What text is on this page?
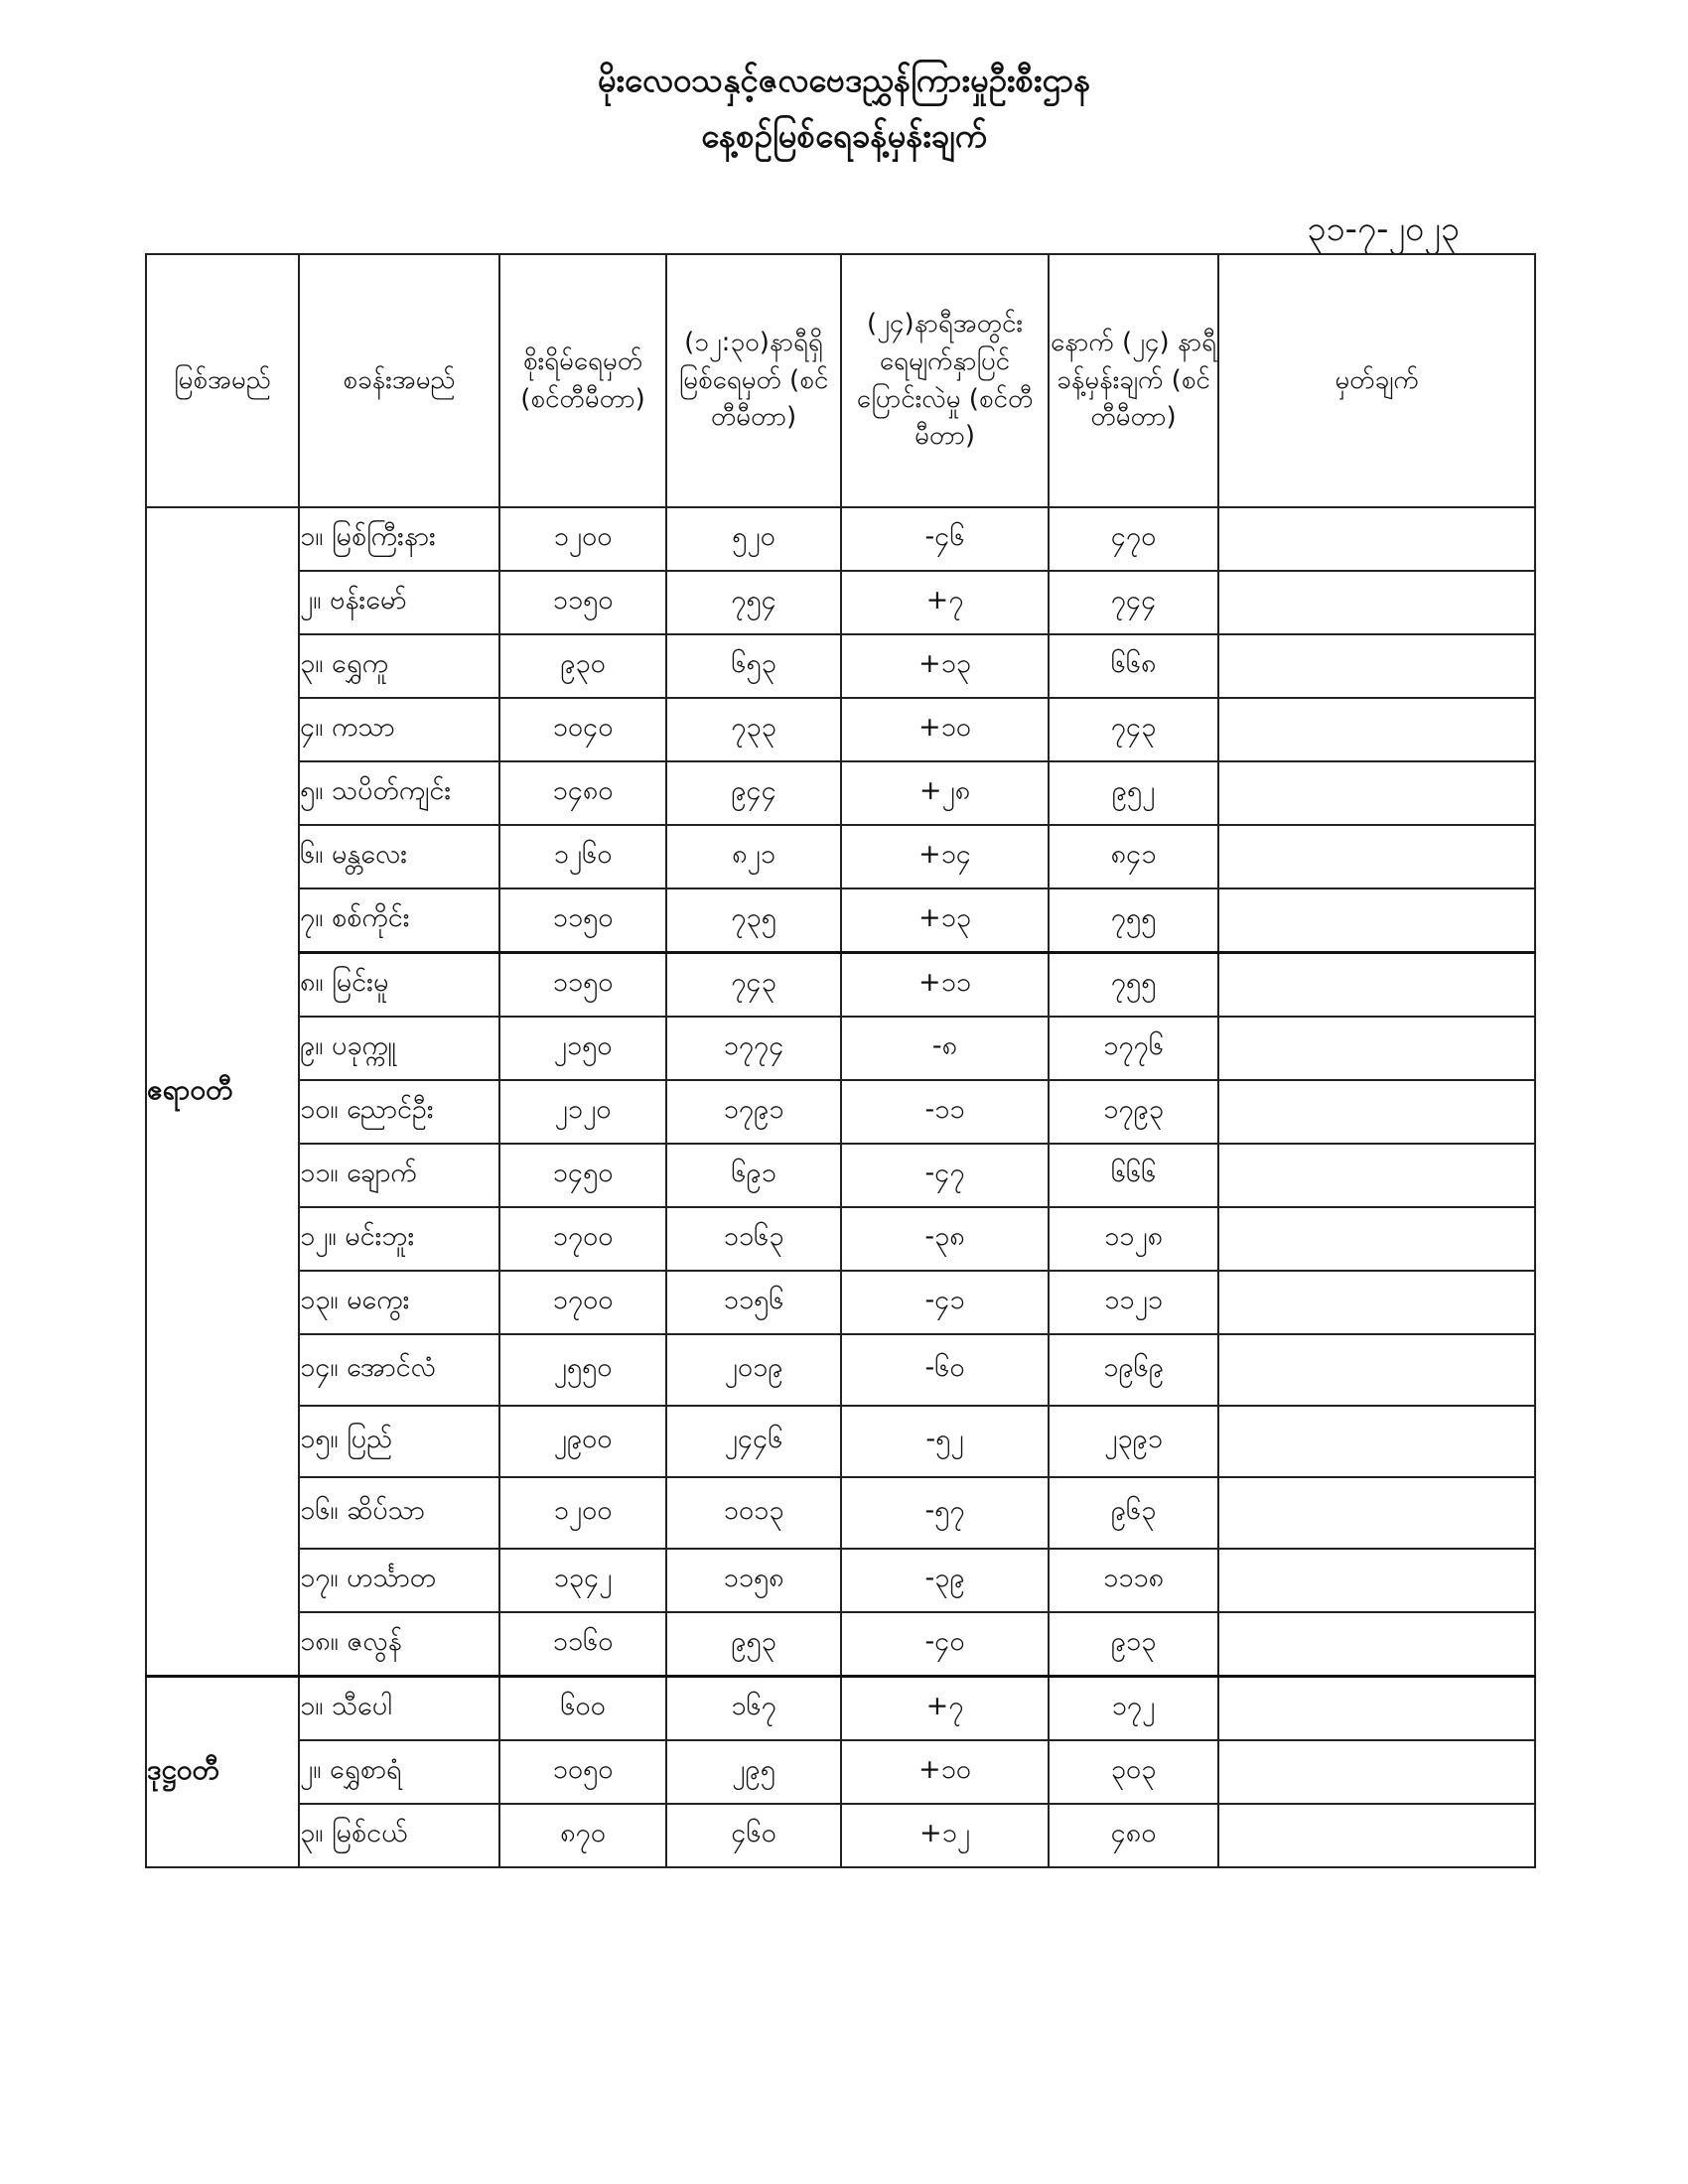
မိုးလေဝသနှင့်ဇလဗေဒညွှန်ကြားမှုဦးစီးဌာန
နေ့စဉ်မြစ်ရေခန့်မှန်းချက်
၃၁-၇-၂၀၂၃
မြစ်အမည်	စခန်းအမည်	စိုးရိမ်ရေမှတ် (စင်တီမီတာ)	(၁၂:၃၀)နာရီရှိ မြစ်ရေမှတ် (စင်တီမီတာ)	(၂၄)နာရီအတွင်း ရေမျက်နှာပြင် ပြောင်းလဲမှု (စင်တီမီတာ)	နောက် (၂၄) နာရီ ခန့်မှန်းချက် (စင်တီမီတာ)	မှတ်ချက်
ဧရာဝတီ	၁။ မြစ်ကြီးနား	၁၂၀၀	၅၂၀	-၄၆	၄၇၀	
	၂။ ဗန်းမော်	၁၁၅၀	၇၅၄	+၇	၇၄၄	
	၃။ ရွှေကူ	၉၃၀	၆၅၃	+၁၃	၆၆၈	
	၄။ ကသာ	၁၀၄၀	၇၃၃	+၁၀	၇၄၃	
	၅။ သပိတ်ကျင်း	၁၄၈၀	၉၄၄	+၂၈	၉၅၂	
	၆။ မန္တလေး	၁၂၆၀	၈၂၁	+၁၄	၈၄၁	
	၇။ စစ်ကိုင်း	၁၁၅၀	၇၃၅	+၁၃	၇၅၅	
	၈။ မြင်းမူ	၁၁၅၀	၇၄၃	+၁၁	၇၅၅	
	၉။ ပခုက္ကူ	၂၁၅၀	၁၇၇၄	-၈	၁၇၇၆	
	၁၀။ ညောင်ဦး	၂၁၂၀	၁၇၉၁	-၁၁	၁၇၉၃	
	၁၁။ ချောက်	၁၄၅၀	၆၉၁	-၄၇	၆၆၆	
	၁၂။ မင်းဘူး	၁၇၀၀	၁၁၆၃	-၃၈	၁၁၂၈	
	၁၃။ မကွေး	၁၇၀၀	၁၁၅၆	-၄၁	၁၁၂၁	
	၁၄။ အောင်လံ	၂၅၅၀	၂၀၁၉	-၆၀	၁၉၆၉	
	၁၅။ ပြည်	၂၉၀၀	၂၄၄၆	-၅၂	၂၃၉၁	
	၁၆။ ဆိပ်သာ	၁၂၀၀	၁၀၁၃	-၅၇	၉၆၃	
	၁၇။ ဟင်္သာတ	၁၃၄၂	၁၁၅၈	-၃၉	၁၁၁၈	
	၁၈။ ဇလွန်	၁၁၆၀	၉၅၃	-၄၀	၉၁၃	
ဒုဋ္ဌဝတီ	၁။ သီပေါ	၆၀၀	၁၆၇	+၇	၁၇၂	
	၂။ ရွှေစာရံ	၁၀၅၀	၂၉၅	+၁၀	၃၀၃	
	၃။ မြစ်ငယ်	၈၇၀	၄၆၀	+၁၂	၄၈၀	
